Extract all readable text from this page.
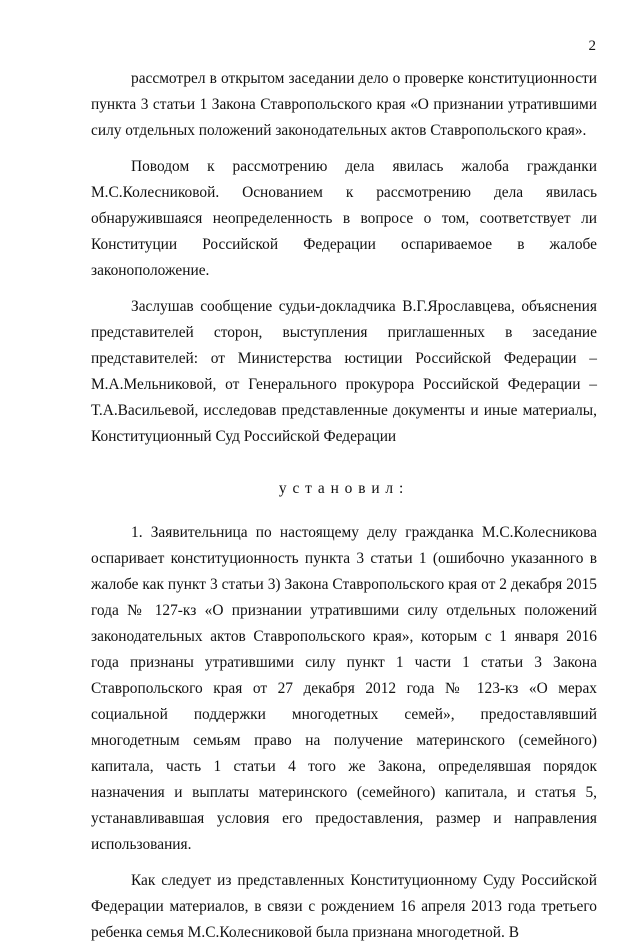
2

рассмотрел в открытом заседании дело о проверке конституционности пункта 3 статьи 1 Закона Ставропольского края «О признании утратившими силу отдельных положений законодательных актов Ставропольского края».

Поводом к рассмотрению дела явилась жалоба гражданки М.С.Колесниковой. Основанием к рассмотрению дела явилась обнаружившаяся неопределенность в вопросе о том, соответствует ли Конституции Российской Федерации оспариваемое в жалобе законоположение.

Заслушав сообщение судьи-докладчика В.Г.Ярославцева, объяснения представителей сторон, выступления приглашенных в заседание представителей: от Министерства юстиции Российской Федерации – М.А.Мельниковой, от Генерального прокурора Российской Федерации – Т.А.Васильевой, исследовав представленные документы и иные материалы, Конституционный Суд Российской Федерации

установил:

1. Заявительница по настоящему делу гражданка М.С.Колесникова оспаривает конституционность пункта 3 статьи 1 (ошибочно указанного в жалобе как пункт 3 статьи 3) Закона Ставропольского края от 2 декабря 2015 года № 127-кз «О признании утратившими силу отдельных положений законодательных актов Ставропольского края», которым с 1 января 2016 года признаны утратившими силу пункт 1 части 1 статьи 3 Закона Ставропольского края от 27 декабря 2012 года № 123-кз «О мерах социальной поддержки многодетных семей», предоставлявший многодетным семьям право на получение материнского (семейного) капитала, часть 1 статьи 4 того же Закона, определявшая порядок назначения и выплаты материнского (семейного) капитала, и статья 5, устанавливавшая условия его предоставления, размер и направления использования.

Как следует из представленных Конституционному Суду Российской Федерации материалов, в связи с рождением 16 апреля 2013 года третьего ребенка семья М.С.Колесниковой была признана многодетной. В
